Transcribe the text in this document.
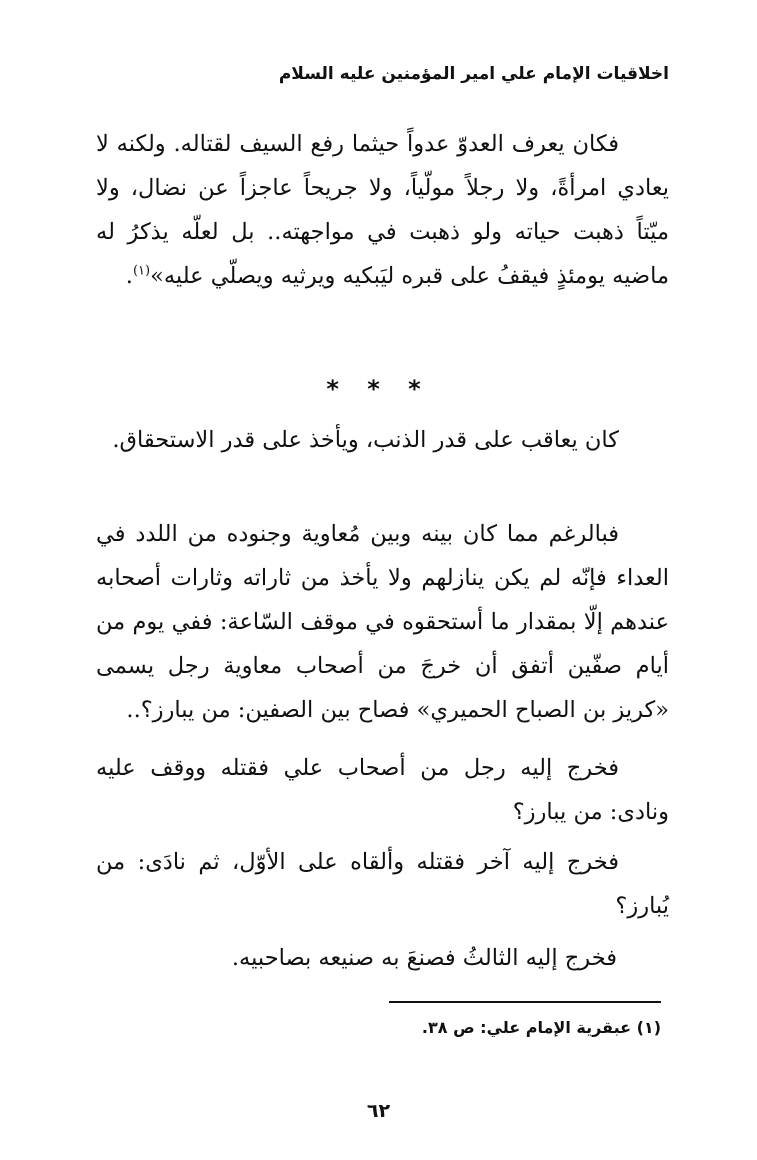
اخلاقيات الإمام علي امير المؤمنين عليه السلام

فكان يعرف العدوّ عدواً حيثما رفع السيف لقتاله. ولكنه لا يعادي امرأةً، ولا رجلاً مولّياً، ولا جريحاً عاجزاً عن نضال، ولا ميّتاً ذهبت حياته ولو ذهبت في مواجهته.. بل لعلّه يذكرُ له ماضيه يومئذٍ فيقفُ على قبره ليَبكيه ويرثيه ويصلّي عليه»$^{(١)}$.

* * *

كان يعاقب على قدر الذنب، ويأخذ على قدر الاستحقاق.

فبالرغم مما كان بينه وبين مُعاوية وجنوده من اللدد في العداء فإنّه لم يكن ينازلهم ولا يأخذ من ثاراته وثارات أصحابه عندهم إلّا بمقدار ما أستحقوه في موقف السّاعة: ففي يوم من أيام صفّين أتفق أن خرجَ من أصحاب معاوية رجل يسمى «كريز بن الصباح الحميري» فصاح بين الصفين: من يبارز؟..

فخرج إليه رجل من أصحاب علي فقتله ووقف عليه ونادى: من يبارز؟

فخرج إليه آخر فقتله وألقاه على الأوّل، ثم نادَى: من يُبارز؟

فخرج إليه الثالثُ فصنعَ به صنيعه بصاحبيه.

(١) عبقرية الإمام علي: ص ٣٨.
٦٢
